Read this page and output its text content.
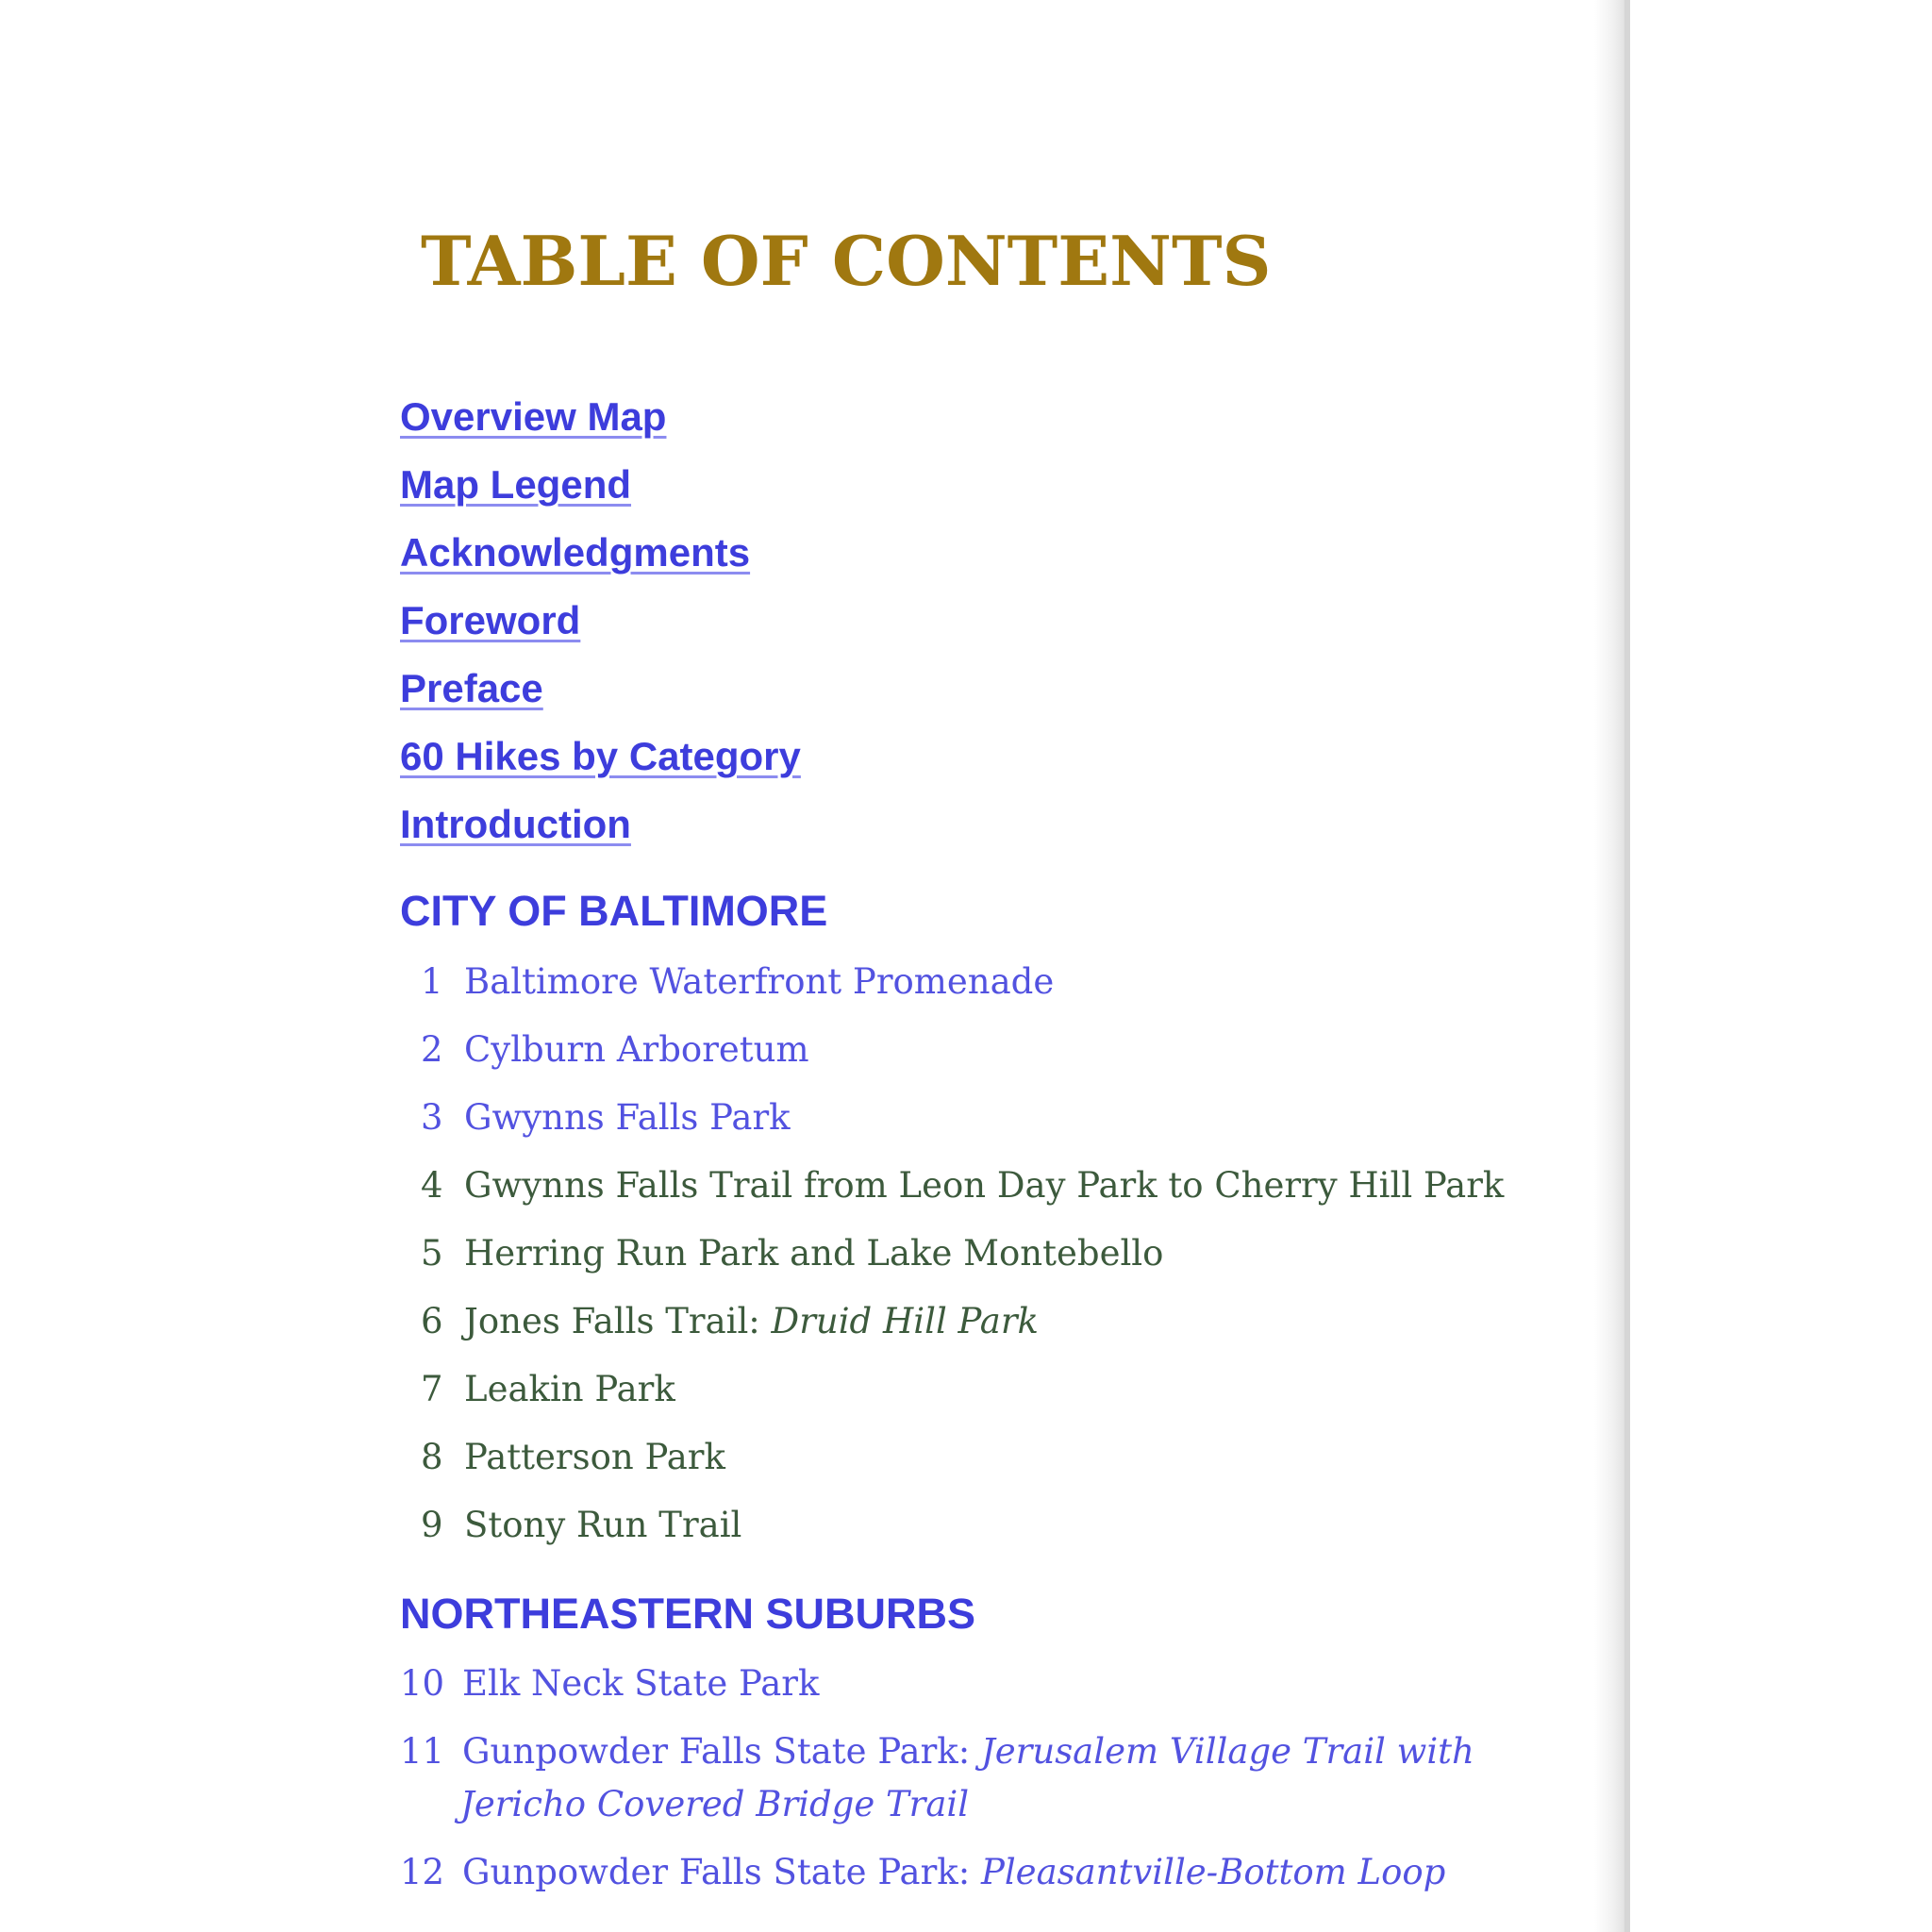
TABLE OF CONTENTS
Overview Map
Map Legend
Acknowledgments
Foreword
Preface
60 Hikes by Category
Introduction
CITY OF BALTIMORE
1 Baltimore Waterfront Promenade
2 Cylburn Arboretum
3 Gwynns Falls Park
4 Gwynns Falls Trail from Leon Day Park to Cherry Hill Park
5 Herring Run Park and Lake Montebello
6 Jones Falls Trail: Druid Hill Park
7 Leakin Park
8 Patterson Park
9 Stony Run Trail
NORTHEASTERN SUBURBS
10 Elk Neck State Park
11 Gunpowder Falls State Park: Jerusalem Village Trail with
Jericho Covered Bridge Trail
12 Gunpowder Falls State Park: Pleasantville-Bottom Loop
